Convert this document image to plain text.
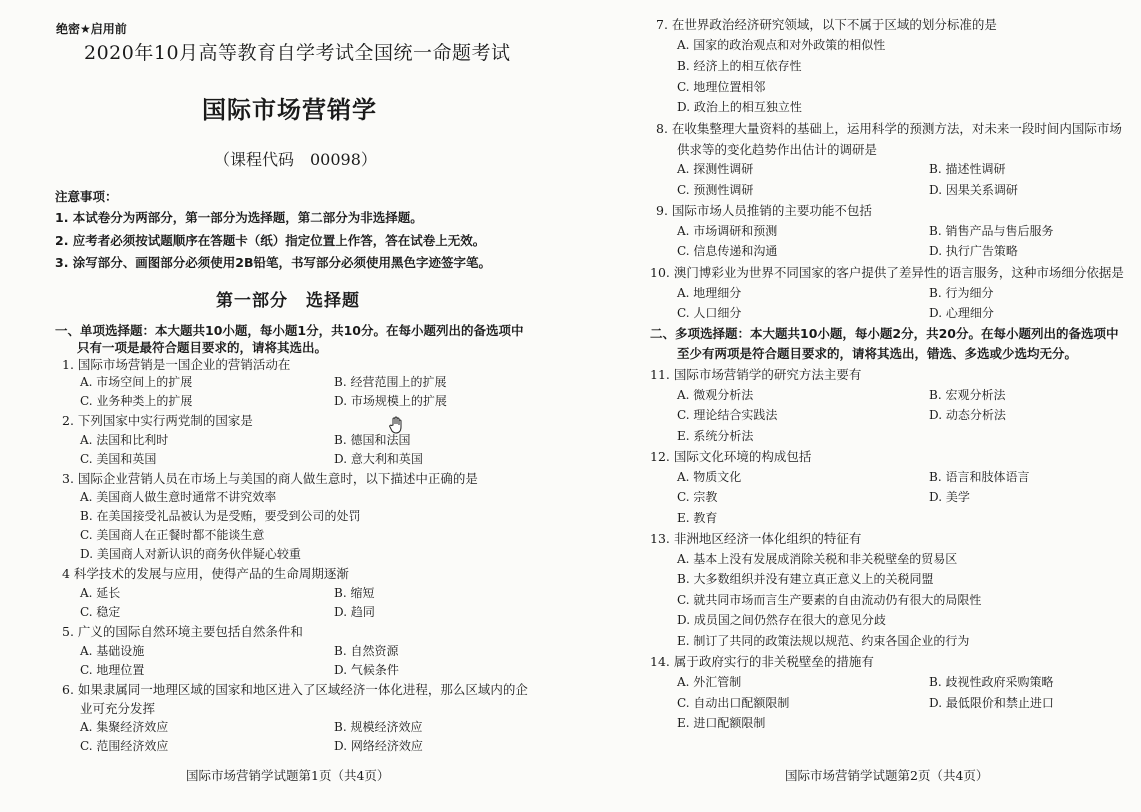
绝密★启用前
2020年10月高等教育自学考试全国统一命题考试
国际市场营销学
（课程代码　00098）
注意事项：
1. 本试卷分为两部分，第一部分为选择题，第二部分为非选择题。
2. 应考者必须按试题顺序在答题卡（纸）指定位置上作答，答在试卷上无效。
3. 涂写部分、画图部分必须使用2B铅笔，书写部分必须使用黑色字迹签字笔。
第一部分　选择题
一、单项选择题：本大题共10小题，每小题1分，共10分。在每小题列出的备选项中
只有一项是最符合题目要求的，请将其选出。
1. 国际市场营销是一国企业的营销活动在
A. 市场空间上的扩展	B. 经营范围上的扩展
C. 业务种类上的扩展	D. 市场规模上的扩展
2. 下列国家中实行两党制的国家是
A. 法国和比利时	B. 德国和法国
C. 美国和英国	D. 意大利和英国
3. 国际企业营销人员在市场上与美国的商人做生意时，以下描述中正确的是
A. 美国商人做生意时通常不讲究效率
B. 在美国接受礼品被认为是受贿，要受到公司的处罚
C. 美国商人在正餐时都不能谈生意
D. 美国商人对新认识的商务伙伴疑心较重
4 科学技术的发展与应用，使得产品的生命周期逐渐
A. 延长	B. 缩短
C. 稳定	D. 趋同
5. 广义的国际自然环境主要包括自然条件和
A. 基础设施	B. 自然资源
C. 地理位置	D. 气候条件
6. 如果隶属同一地理区域的国家和地区进入了区域经济一体化进程，那么区域内的企
业可充分发挥
A. 集聚经济效应	B. 规模经济效应
C. 范围经济效应	D. 网络经济效应
国际市场营销学试题第1页（共4页）
7. 在世界政治经济研究领域，以下不属于区域的划分标准的是
A. 国家的政治观点和对外政策的相似性
B. 经济上的相互依存性
C. 地理位置相邻
D. 政治上的相互独立性
8. 在收集整理大量资料的基础上，运用科学的预测方法，对未来一段时间内国际市场
供求等的变化趋势作出估计的调研是
A. 探测性调研	B. 描述性调研
C. 预测性调研	D. 因果关系调研
9. 国际市场人员推销的主要功能不包括
A. 市场调研和预测	B. 销售产品与售后服务
C. 信息传递和沟通	D. 执行广告策略
10. 澳门博彩业为世界不同国家的客户提供了差异性的语言服务，这种市场细分依据是
A. 地理细分	B. 行为细分
C. 人口细分	D. 心理细分
二、多项选择题：本大题共10小题，每小题2分，共20分。在每小题列出的备选项中
至少有两项是符合题目要求的，请将其选出，错选、多选或少选均无分。
11. 国际市场营销学的研究方法主要有
A. 微观分析法	B. 宏观分析法
C. 理论结合实践法	D. 动态分析法
E. 系统分析法
12. 国际文化环境的构成包括
A. 物质文化	B. 语言和肢体语言
C. 宗教	D. 美学
E. 教育
13. 非洲地区经济一体化组织的特征有
A. 基本上没有发展成消除关税和非关税壁垒的贸易区
B. 大多数组织并没有建立真正意义上的关税同盟
C. 就共同市场而言生产要素的自由流动仍有很大的局限性
D. 成员国之间仍然存在很大的意见分歧
E. 制订了共同的政策法规以规范、约束各国企业的行为
14. 属于政府实行的非关税壁垒的措施有
A. 外汇管制	B. 歧视性政府采购策略
C. 自动出口配额限制	D. 最低限价和禁止进口
E. 进口配额限制
国际市场营销学试题第2页（共4页）
